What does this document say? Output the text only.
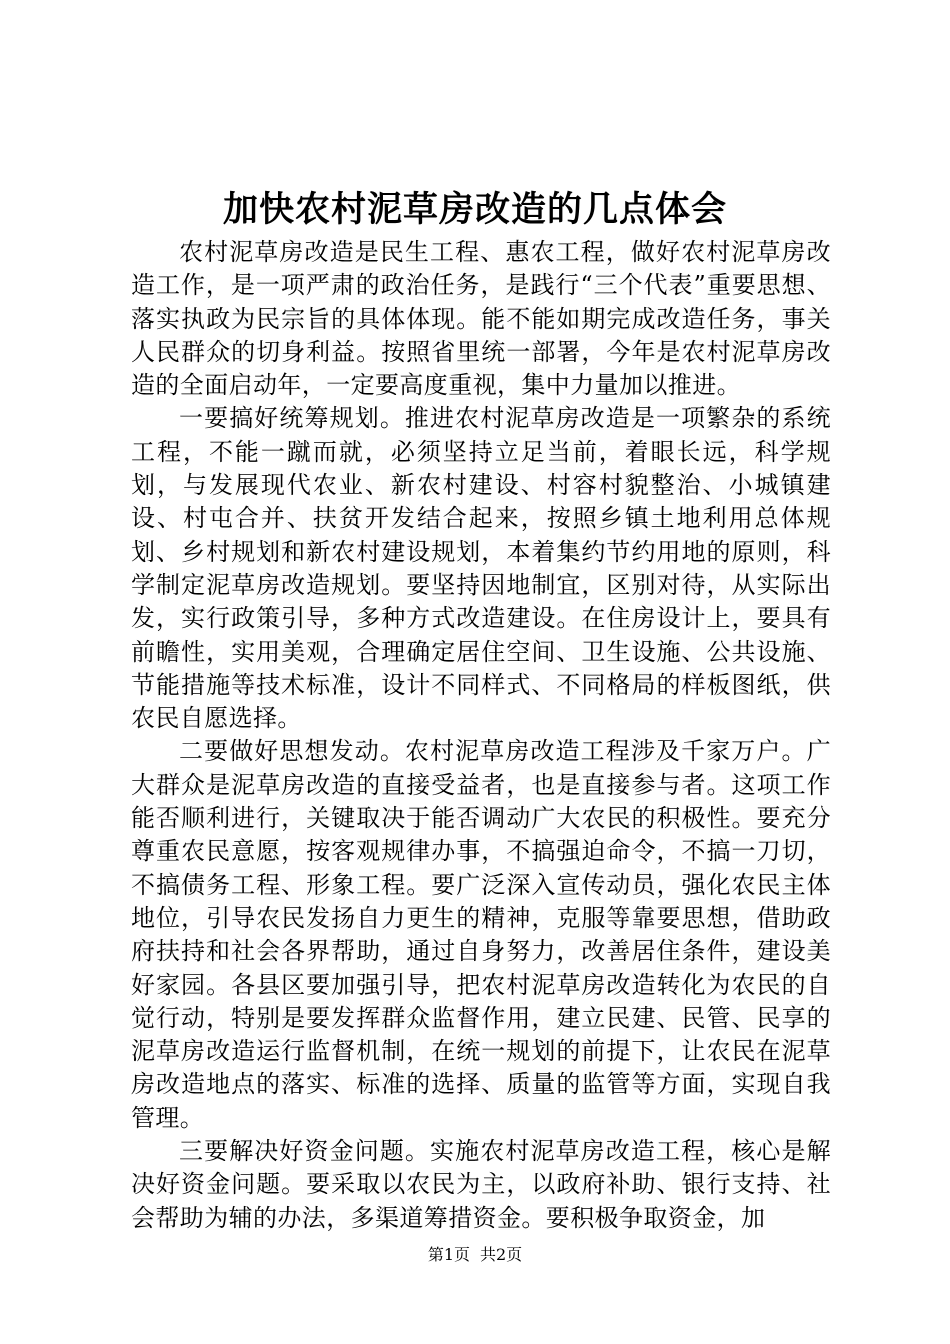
加快农村泥草房改造的几点体会

农村泥草房改造是民生工程、惠农工程，做好农村泥草房改造工作，是一项严肃的政治任务，是践行“三个代表”重要思想、落实执政为民宗旨的具体体现。能不能如期完成改造任务，事关人民群众的切身利益。按照省里统一部署，今年是农村泥草房改造的全面启动年，一定要高度重视，集中力量加以推进。

一要搞好统筹规划。推进农村泥草房改造是一项繁杂的系统工程，不能一蹴而就，必须坚持立足当前，着眼长远，科学规划，与发展现代农业、新农村建设、村容村貌整治、小城镇建设、村屯合并、扶贫开发结合起来，按照乡镇土地利用总体规划、乡村规划和新农村建设规划，本着集约节约用地的原则，科学制定泥草房改造规划。要坚持因地制宜，区别对待，从实际出发，实行政策引导，多种方式改造建设。在住房设计上，要具有前瞻性，实用美观，合理确定居住空间、卫生设施、公共设施、节能措施等技术标准，设计不同样式、不同格局的样板图纸，供农民自愿选择。

二要做好思想发动。农村泥草房改造工程涉及千家万户。广大群众是泥草房改造的直接受益者，也是直接参与者。这项工作能否顺利进行，关键取决于能否调动广大农民的积极性。要充分尊重农民意愿，按客观规律办事，不搞强迫命令，不搞一刀切，不搞债务工程、形象工程。要广泛深入宣传动员，强化农民主体地位，引导农民发扬自力更生的精神，克服等靠要思想，借助政府扶持和社会各界帮助，通过自身努力，改善居住条件，建设美好家园。各县区要加强引导，把农村泥草房改造转化为农民的自觉行动，特别是要发挥群众监督作用，建立民建、民管、民享的泥草房改造运行监督机制，在统一规划的前提下，让农民在泥草房改造地点的落实、标准的选择、质量的监管等方面，实现自我管理。

三要解决好资金问题。实施农村泥草房改造工程，核心是解决好资金问题。要采取以农民为主，以政府补助、银行支持、社会帮助为辅的办法，多渠道筹措资金。要积极争取资金，加

第1页 共2页
